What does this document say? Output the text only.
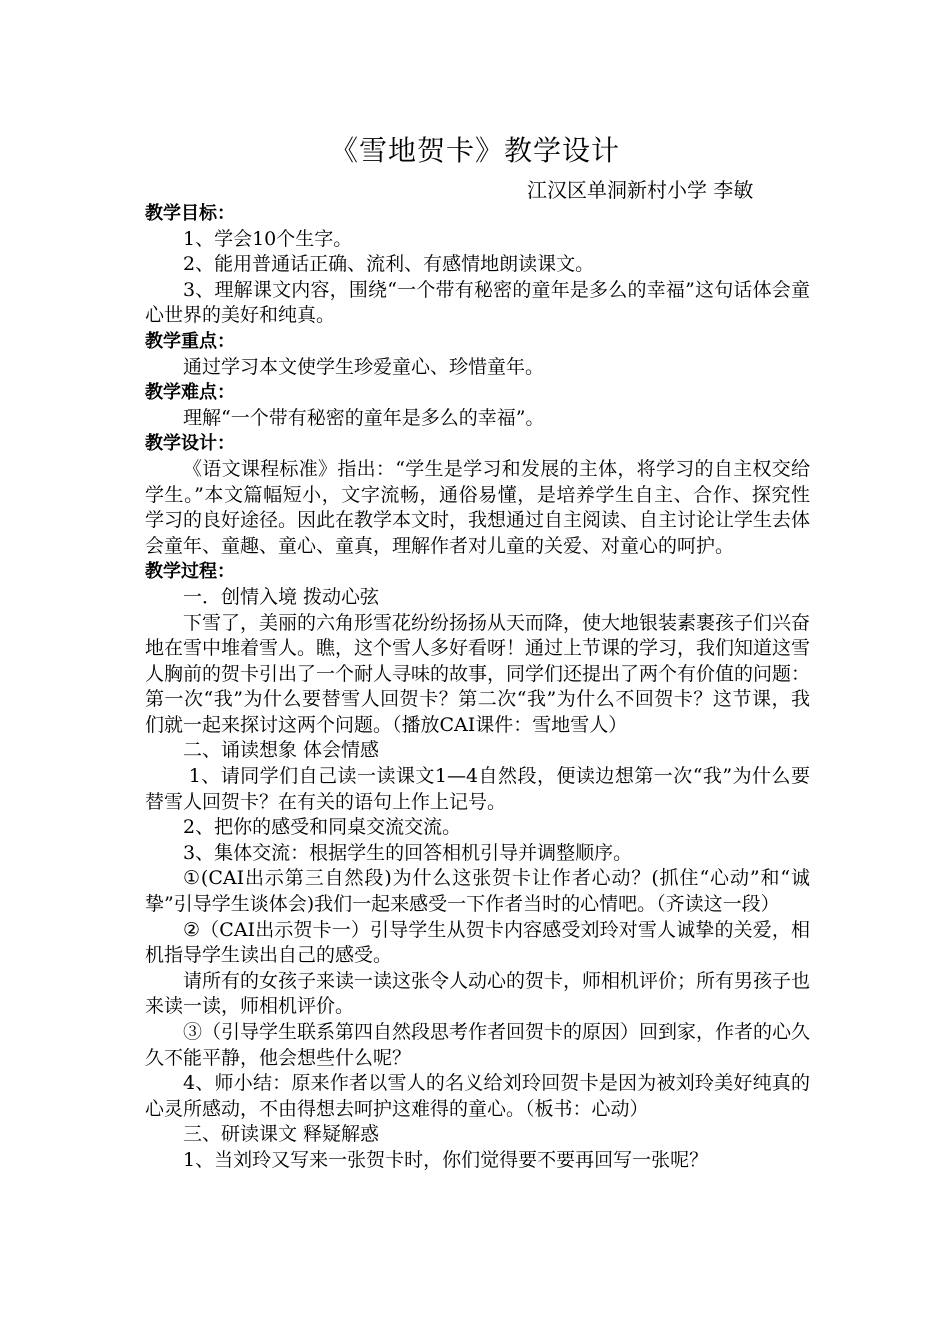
《雪地贺卡》教学设计
江汉区单洞新村小学 李敏

教学目标：

1、学会10个生字。

2、能用普通话正确、流利、有感情地朗读课文。

3、理解课文内容，围绕“一个带有秘密的童年是多么的幸福”这句话体会童心世界的美好和纯真。

教学重点：

通过学习本文使学生珍爱童心、珍惜童年。

教学难点：

理解“一个带有秘密的童年是多么的幸福”。

教学设计：

《语文课程标准》指出：“学生是学习和发展的主体，将学习的自主权交给学生。”本文篇幅短小，文字流畅，通俗易懂，是培养学生自主、合作、探究性学习的良好途径。因此在教学本文时，我想通过自主阅读、自主讨论让学生去体会童年、童趣、童心、童真，理解作者对儿童的关爱、对童心的呵护。

教学过程：

一．创情入境 拨动心弦

下雪了，美丽的六角形雪花纷纷扬扬从天而降，使大地银装素裹孩子们兴奋地在雪中堆着雪人。瞧，这个雪人多好看呀！通过上节课的学习，我们知道这雪人胸前的贺卡引出了一个耐人寻味的故事，同学们还提出了两个有价值的问题：第一次“我”为什么要替雪人回贺卡？第二次“我”为什么不回贺卡？这节课，我们就一起来探讨这两个问题。（播放CAI课件：雪地雪人）

二、诵读想象 体会情感

1、请同学们自己读一读课文1—4自然段，便读边想第一次“我”为什么要替雪人回贺卡？在有关的语句上作上记号。

2、把你的感受和同桌交流交流。

3、集体交流：根据学生的回答相机引导并调整顺序。

①(CAI出示第三自然段)为什么这张贺卡让作者心动？(抓住“心动”和“诚挚”引导学生谈体会)我们一起来感受一下作者当时的心情吧。（齐读这一段）

②（CAI出示贺卡一）引导学生从贺卡内容感受刘玲对雪人诚挚的关爱，相机指导学生读出自己的感受。

请所有的女孩子来读一读这张令人动心的贺卡，师相机评价；所有男孩子也来读一读，师相机评价。

③（引导学生联系第四自然段思考作者回贺卡的原因）回到家，作者的心久久不能平静，他会想些什么呢？

4、师小结：原来作者以雪人的名义给刘玲回贺卡是因为被刘玲美好纯真的心灵所感动，不由得想去呵护这难得的童心。（板书：心动）

三、研读课文 释疑解惑

1、当刘玲又写来一张贺卡时，你们觉得要不要再回写一张呢？
